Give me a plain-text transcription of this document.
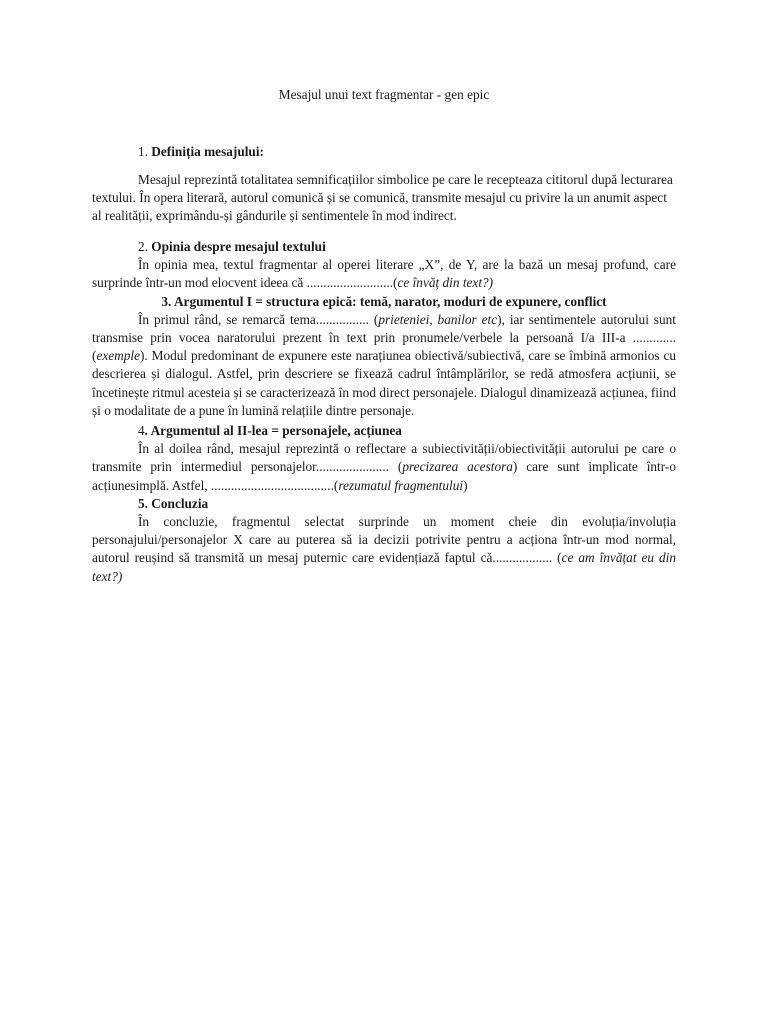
Mesajul unui text fragmentar - gen epic

1. Definiția mesajului:

Mesajul reprezintă totalitatea semnificațiilor simbolice pe care le recepteaza cititorul după lecturarea textului. În opera literară, autorul comunică și se comunică, transmite mesajul cu privire la un anumit aspect al realității, exprimându-și gândurile și sentimentele în mod indirect.

2. Opinia despre mesajul textului

În opinia mea, textul fragmentar al operei literare „X”, de Y, are la bază un mesaj profund, care surprinde într-un mod elocvent ideea că ..........................(ce învăț din text?)

3. Argumentul I = structura epică: temă, narator, moduri de expunere, conflict

În primul rând, se remarcă tema................ (prieteniei, banilor etc), iar sentimentele autorului sunt transmise prin vocea naratorului prezent în text prin pronumele/verbele la persoană I/a III-a .............(exemple). Modul predominant de expunere este narațiunea obiectivă/subiectivă, care se îmbină armonios cu descrierea și dialogul. Astfel, prin descriere se fixează cadrul întâmplărilor, se redă atmosfera acțiunii, se încetinește ritmul acesteia și se caracterizează în mod direct personajele. Dialogul dinamizează acțiunea, fiind și o modalitate de a pune în lumină relațiile dintre personaje.

4. Argumentul al II-lea = personajele, acțiunea

În al doilea rând, mesajul reprezintă o reflectare a subiectivității/obiectivității autorului pe care o transmite prin intermediul personajelor...................... (precizarea acestora) care sunt implicate într-o acțiunesimplă. Astfel, .....................................(rezumatul fragmentului)

5. Concluzia

În concluzie, fragmentul selectat surprinde un moment cheie din evoluția/involuția personajului/personajelor X care au puterea să ia decizii potrivite pentru a acționa într-un mod normal, autorul reușind să transmită un mesaj puternic care evidențiază faptul că.................. (ce am învățat eu din text?)
